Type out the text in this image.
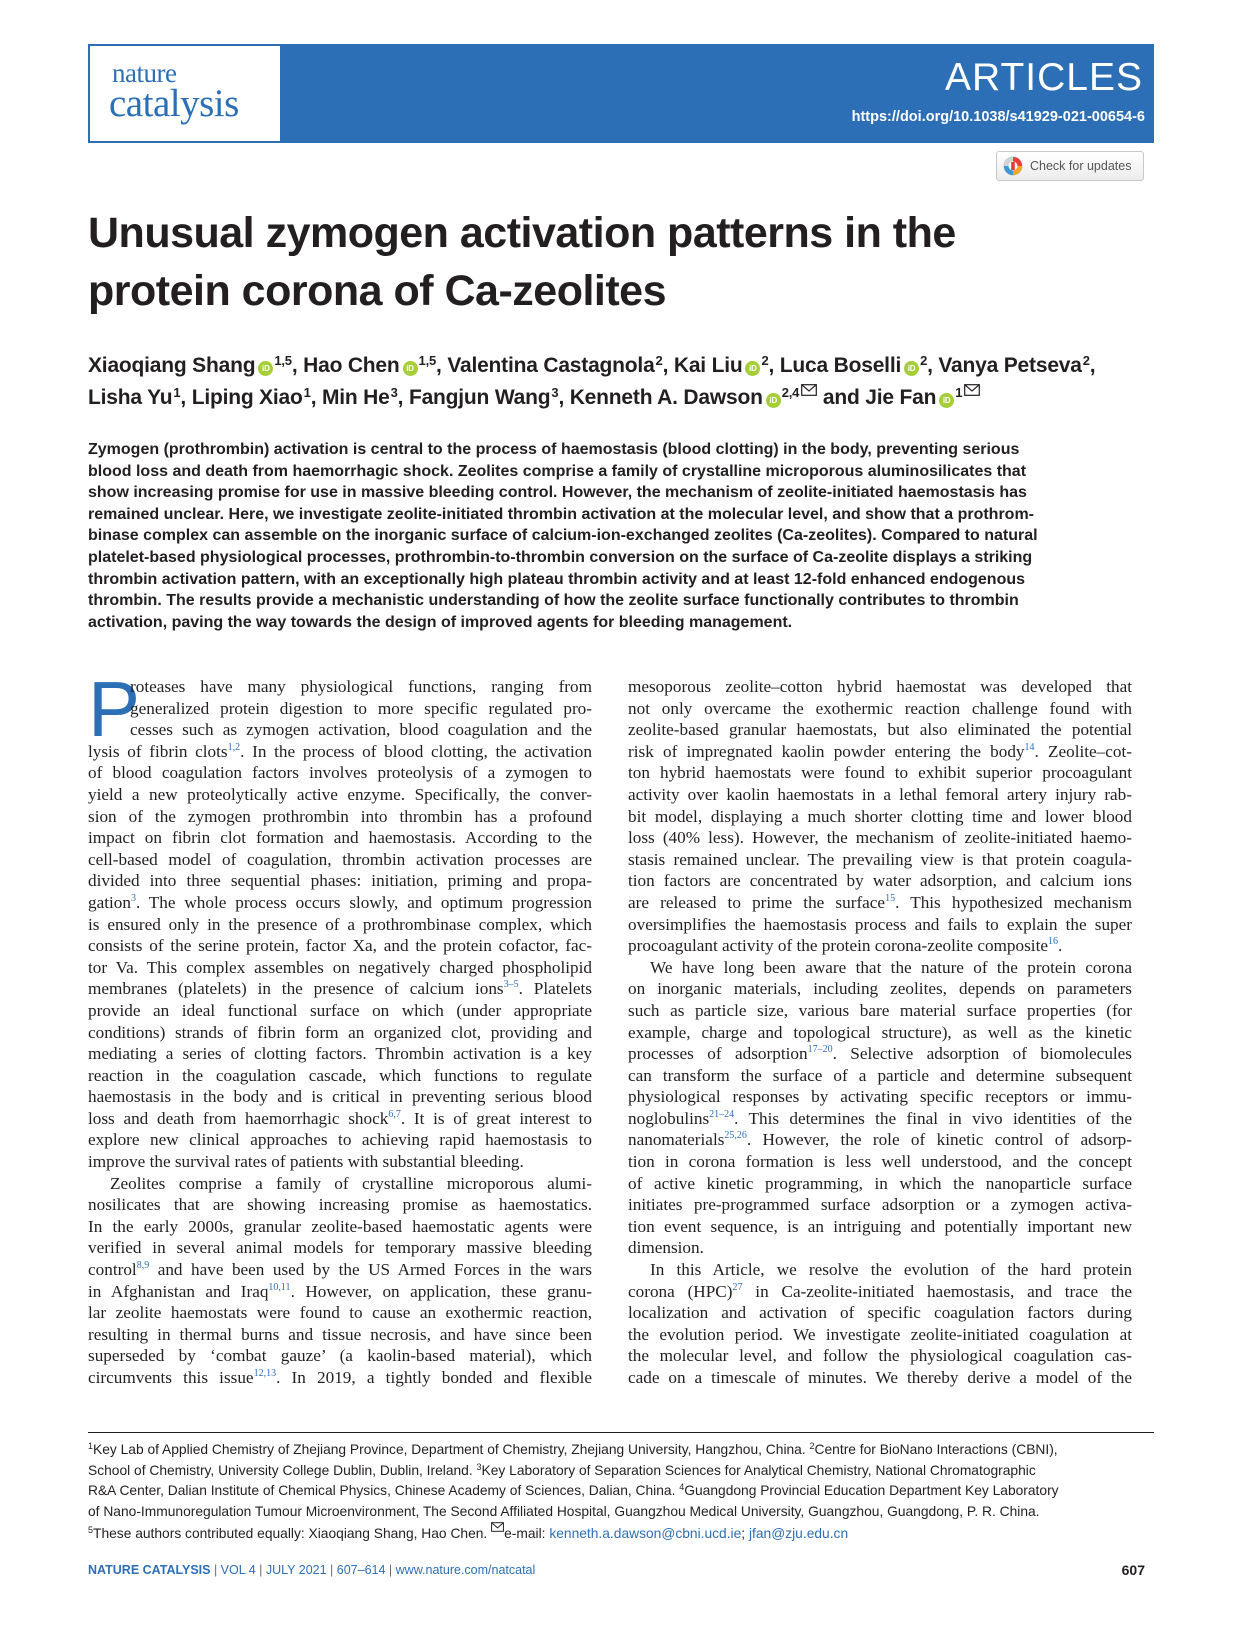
nature
catalysis
ARTICLES
https://doi.org/10.1038/s41929-021-00654-6
Check for updates
Unusual zymogen activation patterns in the
protein corona of Ca-zeolites
Xiaoqiang Shang iD$^{1,5}$, Hao Chen iD$^{1,5}$, Valentina Castagnola$^2$, Kai Liu $iD^2$, Luca Boselli $iD^2$, Vanya Petseva$^2$,
Lisha Yu$^1$, Liping Xiao$^1$, Min He$^3$, Fangjun Wang$^3$, Kenneth A. Dawson iD$^{2,4}$ and Jie Fan $iD^1$
Zymogen (prothrombin) activation is central to the process of haemostasis (blood clotting) in the body, preventing serious
blood loss and death from haemorrhagic shock. Zeolites comprise a family of crystalline microporous aluminosilicates that
show increasing promise for use in massive bleeding control. However, the mechanism of zeolite-initiated haemostasis has
remained unclear. Here, we investigate zeolite-initiated thrombin activation at the molecular level, and show that a prothrom-
binase complex can assemble on the inorganic surface of calcium-ion-exchanged zeolites (Ca-zeolites). Compared to natural
platelet-based physiological processes, prothrombin-to-thrombin conversion on the surface of Ca-zeolite displays a striking
thrombin activation pattern, with an exceptionally high plateau thrombin activity and at least 12-fold enhanced endogenous
thrombin. The results provide a mechanistic understanding of how the zeolite surface functionally contributes to thrombin
activation, paving the way towards the design of improved agents for bleeding management.
P
roteases have many physiological functions, ranging from
generalized protein digestion to more specific regulated pro-
cesses such as zymogen activation, blood coagulation and the
lysis of fibrin clots$^{1,2}$. In the process of blood clotting, the activation
of blood coagulation factors involves proteolysis of a zymogen to
yield a new proteolytically active enzyme. Specifically, the conver-
sion of the zymogen prothrombin into thrombin has a profound
impact on fibrin clot formation and haemostasis. According to the
cell-based model of coagulation, thrombin activation processes are
divided into three sequential phases: initiation, priming and propa-
gation$^3$. The whole process occurs slowly, and optimum progression
is ensured only in the presence of a prothrombinase complex, which
consists of the serine protein, factor Xa, and the protein cofactor, fac-
tor Va. This complex assembles on negatively charged phospholipid
membranes (platelets) in the presence of calcium ions$^{3-5}$. Platelets
provide an ideal functional surface on which (under appropriate
conditions) strands of fibrin form an organized clot, providing and
mediating a series of clotting factors. Thrombin activation is a key
reaction in the coagulation cascade, which functions to regulate
haemostasis in the body and is critical in preventing serious blood
loss and death from haemorrhagic shock$^{6,7}$. It is of great interest to
explore new clinical approaches to achieving rapid haemostasis to
improve the survival rates of patients with substantial bleeding.
Zeolites comprise a family of crystalline microporous alumi-
nosilicates that are showing increasing promise as haemostatics.
In the early 2000s, granular zeolite-based haemostatic agents were
verified in several animal models for temporary massive bleeding
control$^{8,9}$ and have been used by the US Armed Forces in the wars
in Afghanistan and Iraq$^{10,11}$. However, on application, these granu-
lar zeolite haemostats were found to cause an exothermic reaction,
resulting in thermal burns and tissue necrosis, and have since been
superseded by ‘combat gauze’ (a kaolin-based material), which
circumvents this issue$^{12,13}$. In 2019, a tightly bonded and flexible
mesoporous zeolite–cotton hybrid haemostat was developed that
not only overcame the exothermic reaction challenge found with
zeolite-based granular haemostats, but also eliminated the potential
risk of impregnated kaolin powder entering the body$^{14}$. Zeolite–cot-
ton hybrid haemostats were found to exhibit superior procoagulant
activity over kaolin haemostats in a lethal femoral artery injury rab-
bit model, displaying a much shorter clotting time and lower blood
loss (40% less). However, the mechanism of zeolite-initiated haemo-
stasis remained unclear. The prevailing view is that protein coagula-
tion factors are concentrated by water adsorption, and calcium ions
are released to prime the surface$^{15}$. This hypothesized mechanism
oversimplifies the haemostasis process and fails to explain the super
procoagulant activity of the protein corona-zeolite composite$^{16}$.
We have long been aware that the nature of the protein corona
on inorganic materials, including zeolites, depends on parameters
such as particle size, various bare material surface properties (for
example, charge and topological structure), as well as the kinetic
processes of adsorption$^{17-20}$. Selective adsorption of biomolecules
can transform the surface of a particle and determine subsequent
physiological responses by activating specific receptors or immu-
noglobulins$^{21-24}$. This determines the final in vivo identities of the
nanomaterials$^{25,26}$. However, the role of kinetic control of adsorp-
tion in corona formation is less well understood, and the concept
of active kinetic programming, in which the nanoparticle surface
initiates pre-programmed surface adsorption or a zymogen activa-
tion event sequence, is an intriguing and potentially important new
dimension.
In this Article, we resolve the evolution of the hard protein
corona (HPC)$^{27}$ in Ca-zeolite-initiated haemostasis, and trace the
localization and activation of specific coagulation factors during
the evolution period. We investigate zeolite-initiated coagulation at
the molecular level, and follow the physiological coagulation cas-
cade on a timescale of minutes. We thereby derive a model of the
$^1$Key Lab of Applied Chemistry of Zhejiang Province, Department of Chemistry, Zhejiang University, Hangzhou, China. $^2$Centre for BioNano Interactions (CBNI),
School of Chemistry, University College Dublin, Dublin, Ireland. $^3$Key Laboratory of Separation Sciences for Analytical Chemistry, National Chromatographic
R&A Center, Dalian Institute of Chemical Physics, Chinese Academy of Sciences, Dalian, China. $^4$Guangdong Provincial Education Department Key Laboratory
of Nano-Immunoregulation Tumour Microenvironment, The Second Affiliated Hospital, Guangzhou Medical University, Guangzhou, Guangdong, P. R. China.
$^5$These authors contributed equally: Xiaoqiang Shang, Hao Chen. e-mail: kenneth.a.dawson@cbni.ucd.ie; jfan@zju.edu.cn
NATURE CATALYSIS | VOL 4 | JULY 2021 | 607–614 | www.nature.com/natcatal	607
